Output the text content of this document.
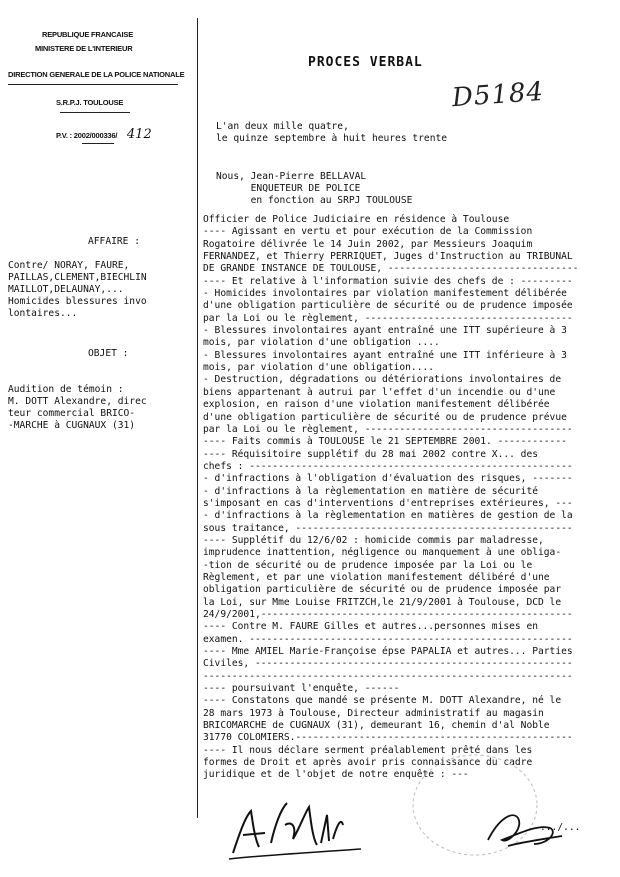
REPUBLIQUE FRANCAISE
MINISTERE DE L'INTERIEUR
DIRECTION GENERALE DE LA POLICE NATIONALE
S.R.P.J. TOULOUSE
P.V. : 2002/000336/ 412
PROCES VERBAL
D5184
L'an deux mille quatre,
le quinze septembre à huit heures trente
Nous, Jean-Pierre BELLAVAL
ENQUETEUR DE POLICE
en fonction au SRPJ TOULOUSE
AFFAIRE :
Contre/ NORAY, FAURE,
PAILLAS,CLEMENT,BIECHLIN
MAILLOT,DELAUNAY,...
Homicides blessures invo
lontaires...
OBJET :
Audition de témoin :
M. DOTT Alexandre, direc
teur commercial BRICO-
-MARCHE à CUGNAUX (31)
Officier de Police Judiciaire en résidence à Toulouse
---- Agissant en vertu et pour exécution de la Commission
Rogatoire délivrée le 14 Juin 2002, par Messieurs Joaquim
FERNANDEZ, et Thierry PERRIQUET, Juges d'Instruction au TRIBUNAL
DE GRANDE INSTANCE DE TOULOUSE, ---------------------------------
---- Et relative à l'information suivie des chefs de : ---------
- Homicides involontaires par violation manifestement délibérée
d'une obligation particulière de sécurité ou de prudence imposée
par la Loi ou le règlement, ------------------------------------
- Blessures involontaires ayant entraîné une ITT supérieure à 3
mois, par violation d'une obligation ....
- Blessures involontaires ayant entraîné une ITT inférieure à 3
mois, par violation d'une obligation....
- Destruction, dégradations ou détériorations involontaires de
biens appartenant à autrui par l'effet d'un incendie ou d'une
explosion, en raison d'une violation manifestement délibérée
d'une obligation particulière de sécurité ou de prudence prévue
par la Loi ou le règlement, ------------------------------------
---- Faits commis à TOULOUSE le 21 SEPTEMBRE 2001. ------------
---- Réquisitoire supplétif du 28 mai 2002 contre X... des
chefs : --------------------------------------------------------
- d'infractions à l'obligation d'évaluation des risques, -------
- d'infractions à la règlementation en matière de sécurité
s'imposant en cas d'interventions d'entreprises extérieures, ---
- d'infractions à la règlementation en matières de gestion de la
sous traitance, ------------------------------------------------
---- Supplétif du 12/6/02 : homicide commis par maladresse,
imprudence inattention, négligence ou manquement à une obliga-
-tion de sécurité ou de prudence imposée par la Loi ou le
Règlement, et par une violation manifestement délibéré d'une
obligation particulière de sécurité ou de prudence imposée par
la Loi, sur Mme Louise FRITZCH,le 21/9/2001 à Toulouse, DCD le
24/9/2001,------------------------------------------------------
---- Contre M. FAURE Gilles et autres...personnes mises en
examen. --------------------------------------------------------
---- Mme AMIEL Marie-Françoise épse PAPALIA et autres... Parties
Civiles, -------------------------------------------------------
----------------------------------------------------------------
---- poursuivant l'enquête, ------
---- Constatons que mandé se présente M. DOTT Alexandre, né le
28 mars 1973 à Toulouse, Directeur administratif au magasin
BRICOMARCHE de CUGNAUX (31), demeurant 16, chemin d'al Noble
31770 COLOMIERS.------------------------------------------------
---- Il nous déclare serment préalablement prêté dans les
formes de Droit et après avoir pris connaissance du cadre
juridique et de l'objet de notre enquête : ---
.../...
